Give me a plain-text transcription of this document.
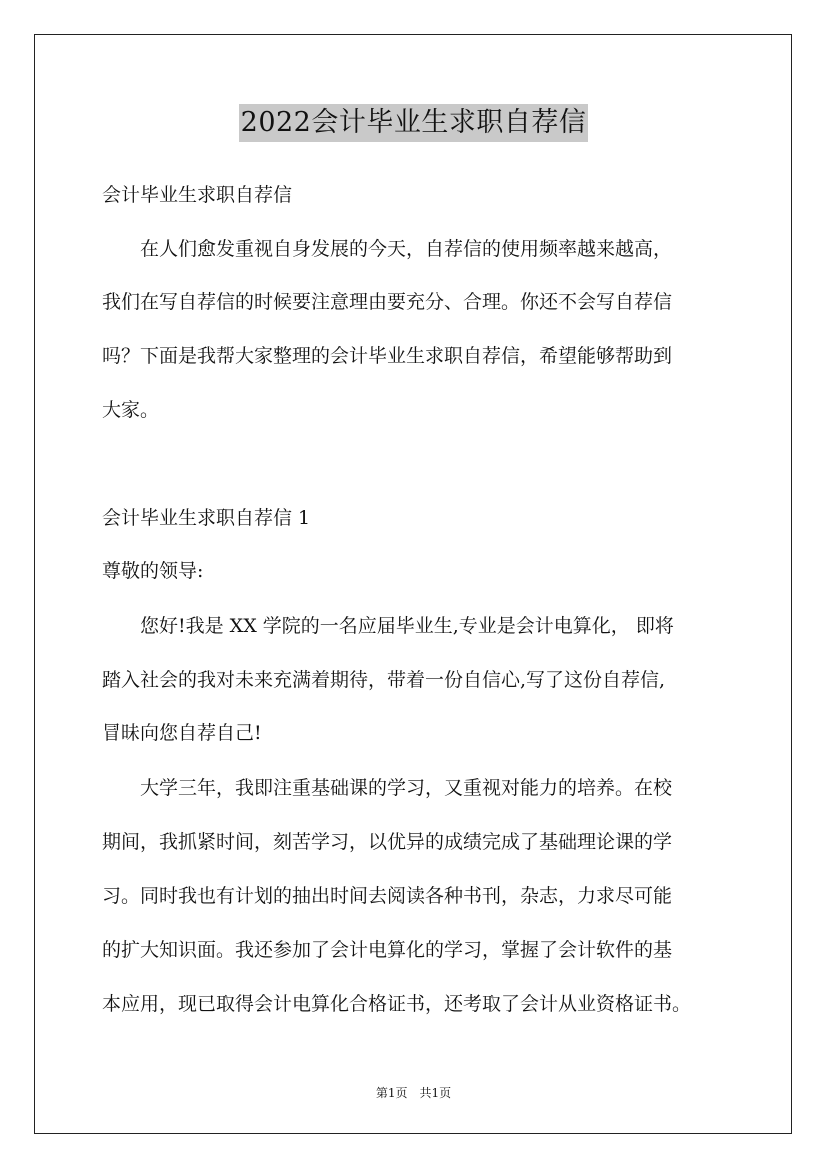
2022会计毕业生求职自荐信
会计毕业生求职自荐信
　　在人们愈发重视自身发展的今天，自荐信的使用频率越来越高，
我们在写自荐信的时候要注意理由要充分、合理。你还不会写自荐信
吗？下面是我帮大家整理的会计毕业生求职自荐信，希望能够帮助到
大家。
会计毕业生求职自荐信 1
尊敬的领导:
　　您好!我是 XX 学院的一名应届毕业生,专业是会计电算化， 即将
踏入社会的我对未来充满着期待，带着一份自信心,写了这份自荐信,
冒昧向您自荐自己!
　　大学三年，我即注重基础课的学习，又重视对能力的培养。在校
期间，我抓紧时间，刻苦学习，以优异的成绩完成了基础理论课的学
习。同时我也有计划的抽出时间去阅读各种书刊，杂志，力求尽可能
的扩大知识面。我还参加了会计电算化的学习，掌握了会计软件的基
本应用，现已取得会计电算化合格证书，还考取了会计从业资格证书。
第1页　共1页
